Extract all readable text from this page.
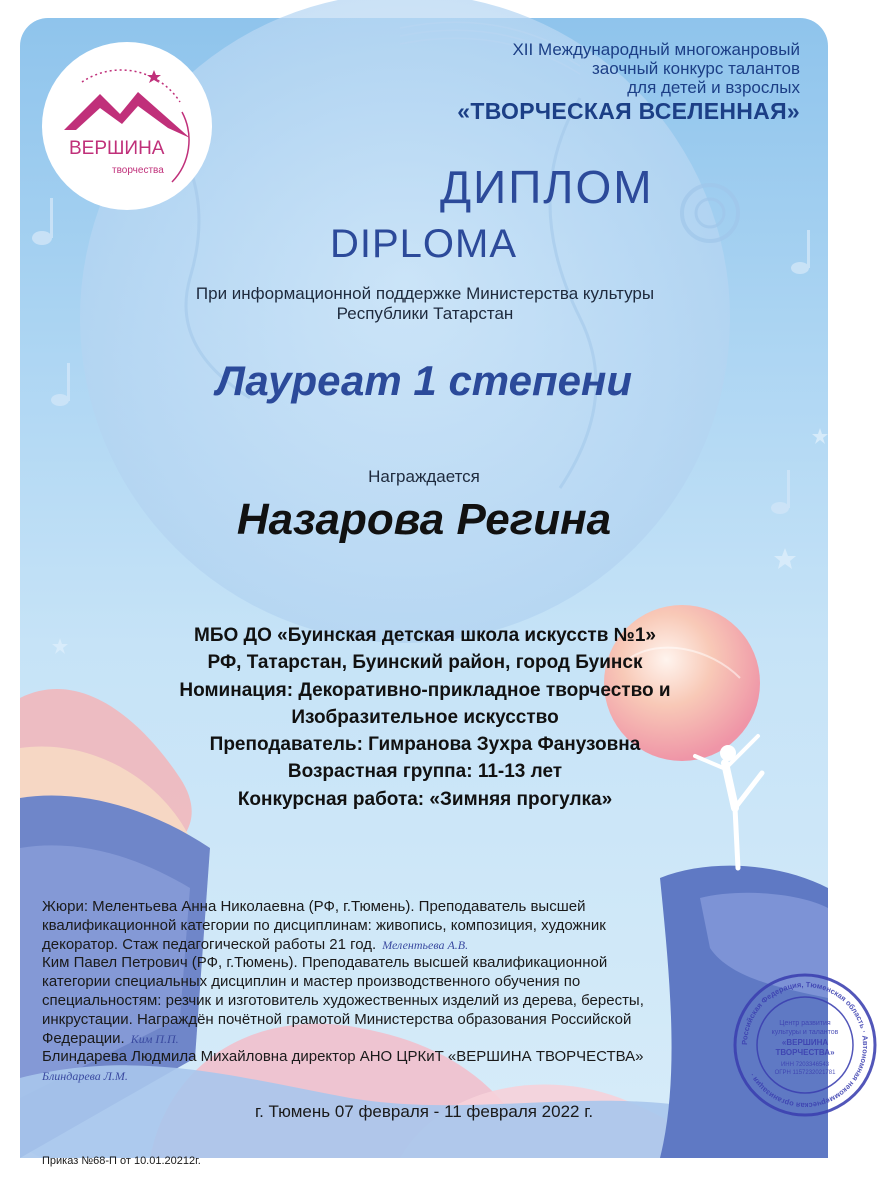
ВЕРШИНА
творчества
XII Международный многожанровый
заочный конкурс талантов
для детей и взрослых
«ТВОРЧЕСКАЯ ВСЕЛЕННАЯ»
ДИПЛОМ
DIPLOMA
При информационной поддержке Министерства культуры
Республики Татарстан
Лауреат 1 степени
Награждается
Назарова Регина
МБО ДО «Буинская детская школа искусств №1»
РФ, Татарстан, Буинский район, город Буинск
Номинация: Декоративно-прикладное творчество и
Изобразительное искусство
Преподаватель: Гимранова Зухра Фанузовна
Возрастная группа: 11-13 лет
Конкурсная работа: «Зимняя прогулка»
Жюри: Мелентьева Анна Николаевна (РФ, г.Тюмень). Преподаватель высшей
квалификационной категории по дисциплинам: живопись, композиция, художник
декоратор. Стаж педагогической работы 21 год. Мелентьева А.В.
Ким Павел Петрович (РФ, г.Тюмень). Преподаватель высшей квалификационной
категории специальных дисциплин и мастер производственного обучения по
специальностям: резчик и изготовитель художественных изделий из дерева, бересты,
инкрустации. Награждён почётной грамотой Министерства образования Российской
Федерации. Ким П.П.
Блиндарева Людмила Михайловна директор АНО ЦРКиТ «ВЕРШИНА ТВОРЧЕСТВА»
Блиндарева Л.М.
г. Тюмень 07 февраля - 11 февраля 2022 г.
Приказ №68-П от 10.01.20212г.
Российская Федерация, Тюменская область · Автономная некоммерческая организация ·
Центр развития
культуры и талантов
«ВЕРШИНА
ТВОРЧЕСТВА»
ИНН 7203346543
ОГРН 1157232021781
